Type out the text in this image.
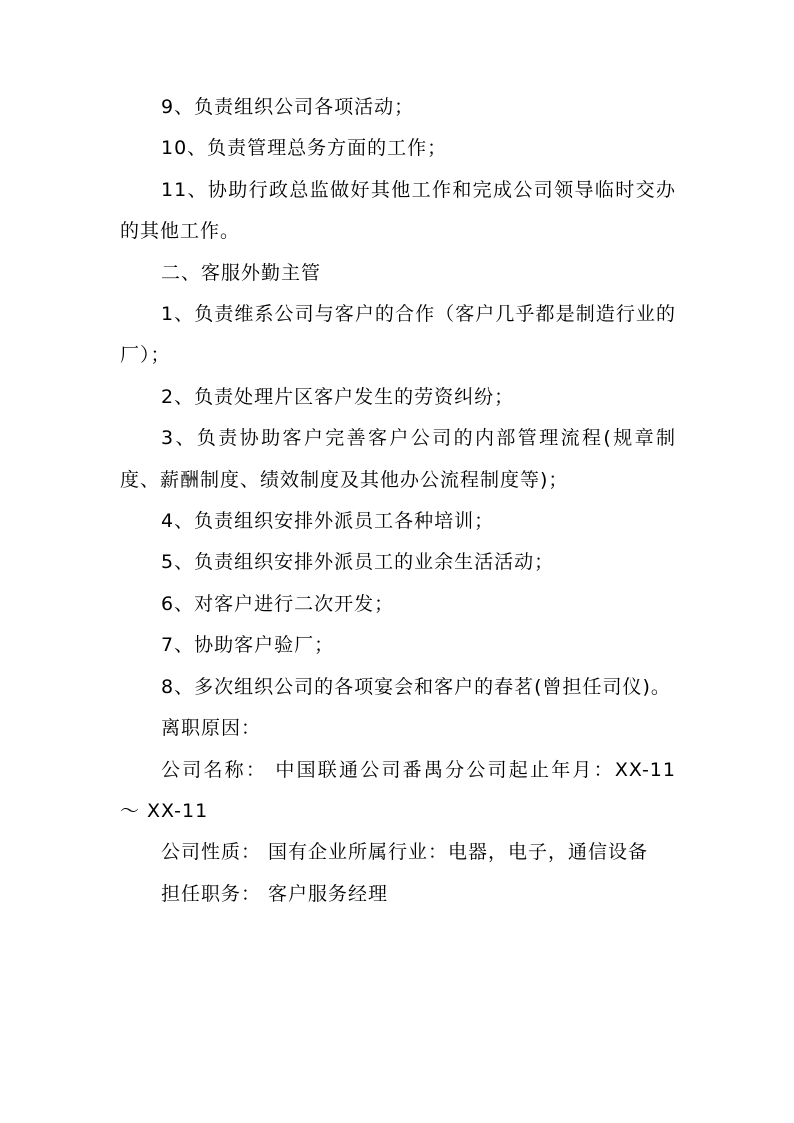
9、负责组织公司各项活动；

10、负责管理总务方面的工作；

11、协助行政总监做好其他工作和完成公司领导临时交办的其他工作。

二、客服外勤主管

1、负责维系公司与客户的合作（客户几乎都是制造行业的厂）；

2、负责处理片区客户发生的劳资纠纷；

3、负责协助客户完善客户公司的内部管理流程(规章制度、薪酬制度、绩效制度及其他办公流程制度等)；

4、负责组织安排外派员工各种培训；

5、负责组织安排外派员工的业余生活活动；

6、对客户进行二次开发；

7、协助客户验厂；

8、多次组织公司的各项宴会和客户的春茗(曾担任司仪)。

离职原因：

公司名称： 中国联通公司番禺分公司起止年月：XX-11 ～ XX-11

公司性质： 国有企业所属行业：电器，电子，通信设备

担任职务： 客户服务经理
